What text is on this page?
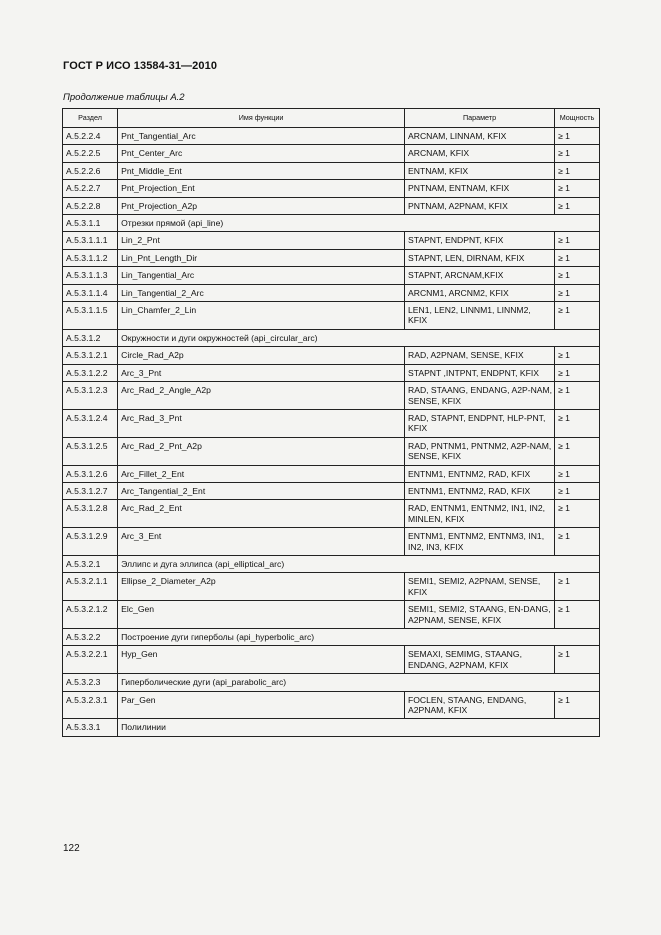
ГОСТ Р ИСО 13584-31—2010
Продолжение таблицы А.2
Раздел	Имя функции	Параметр	Мощность
A.5.2.2.4	Pnt_Tangential_Arc	ARCNAM, LINNAM, KFIX	≥ 1
A.5.2.2.5	Pnt_Center_Arc	ARCNAM, KFIX	≥ 1
A.5.2.2.6	Pnt_Middle_Ent	ENTNAM, KFIX	≥ 1
A.5.2.2.7	Pnt_Projection_Ent	PNTNAM, ENTNAM, KFIX	≥ 1
A.5.2.2.8	Pnt_Projection_A2p	PNTNAM, A2PNAM, KFIX	≥ 1
A.5.3.1.1	Отрезки прямой (api_line)		
A.5.3.1.1.1	Lin_2_Pnt	STAPNT, ENDPNT, KFIX	≥ 1
A.5.3.1.1.2	Lin_Pnt_Length_Dir	STAPNT, LEN, DIRNAM, KFIX	≥ 1
A.5.3.1.1.3	Lin_Tangential_Arc	STAPNT, ARCNAM,KFIX	≥ 1
A.5.3.1.1.4	Lin_Tangential_2_Arc	ARCNM1, ARCNM2, KFIX	≥ 1
A.5.3.1.1.5	Lin_Chamfer_2_Lin	LEN1, LEN2, LINNM1, LINNM2, KFIX	≥ 1
A.5.3.1.2	Окружности и дуги окружностей (api_circular_arc)		
A.5.3.1.2.1	Circle_Rad_A2p	RAD, A2PNAM, SENSE, KFIX	≥ 1
A.5.3.1.2.2	Arc_3_Pnt	STAPNT ,INTPNT, ENDPNT, KFIX	≥ 1
A.5.3.1.2.3	Arc_Rad_2_Angle_A2p	RAD, STAANG, ENDANG, A2P-NAM, SENSE, KFIX	≥ 1
A.5.3.1.2.4	Arc_Rad_3_Pnt	RAD, STAPNT, ENDPNT, HLP-PNT, KFIX	≥ 1
A.5.3.1.2.5	Arc_Rad_2_Pnt_A2p	RAD, PNTNM1, PNTNM2, A2P-NAM, SENSE, KFIX	≥ 1
A.5.3.1.2.6	Arc_Fillet_2_Ent	ENTNM1, ENTNM2, RAD, KFIX	≥ 1
A.5.3.1.2.7	Arc_Tangential_2_Ent	ENTNM1, ENTNM2, RAD, KFIX	≥ 1
A.5.3.1.2.8	Arc_Rad_2_Ent	RAD, ENTNM1, ENTNM2, IN1, IN2, MINLEN, KFIX	≥ 1
A.5.3.1.2.9	Arc_3_Ent	ENTNM1, ENTNM2, ENTNM3, IN1, IN2, IN3, KFIX	≥ 1
A.5.3.2.1	Эллипс и дуга эллипса (api_elliptical_arc)		
A.5.3.2.1.1	Ellipse_2_Diameter_A2p	SEMI1, SEMI2, A2PNAM, SENSE, KFIX	≥ 1
A.5.3.2.1.2	Elc_Gen	SEMI1, SEMI2, STAANG, EN-DANG, A2PNAM, SENSE, KFIX	≥ 1
A.5.3.2.2	Построение дуги гиперболы (api_hyperbolic_arc)		
A.5.3.2.2.1	Hyp_Gen	SEMAXI, SEMIMG, STAANG, ENDANG, A2PNAM, KFIX	≥ 1
A.5.3.2.3	Гиперболические дуги (api_parabolic_arc)		
A.5.3.2.3.1	Par_Gen	FOCLEN, STAANG, ENDANG, A2PNAM, KFIX	≥ 1
A.5.3.3.1	Полилинии		
122
